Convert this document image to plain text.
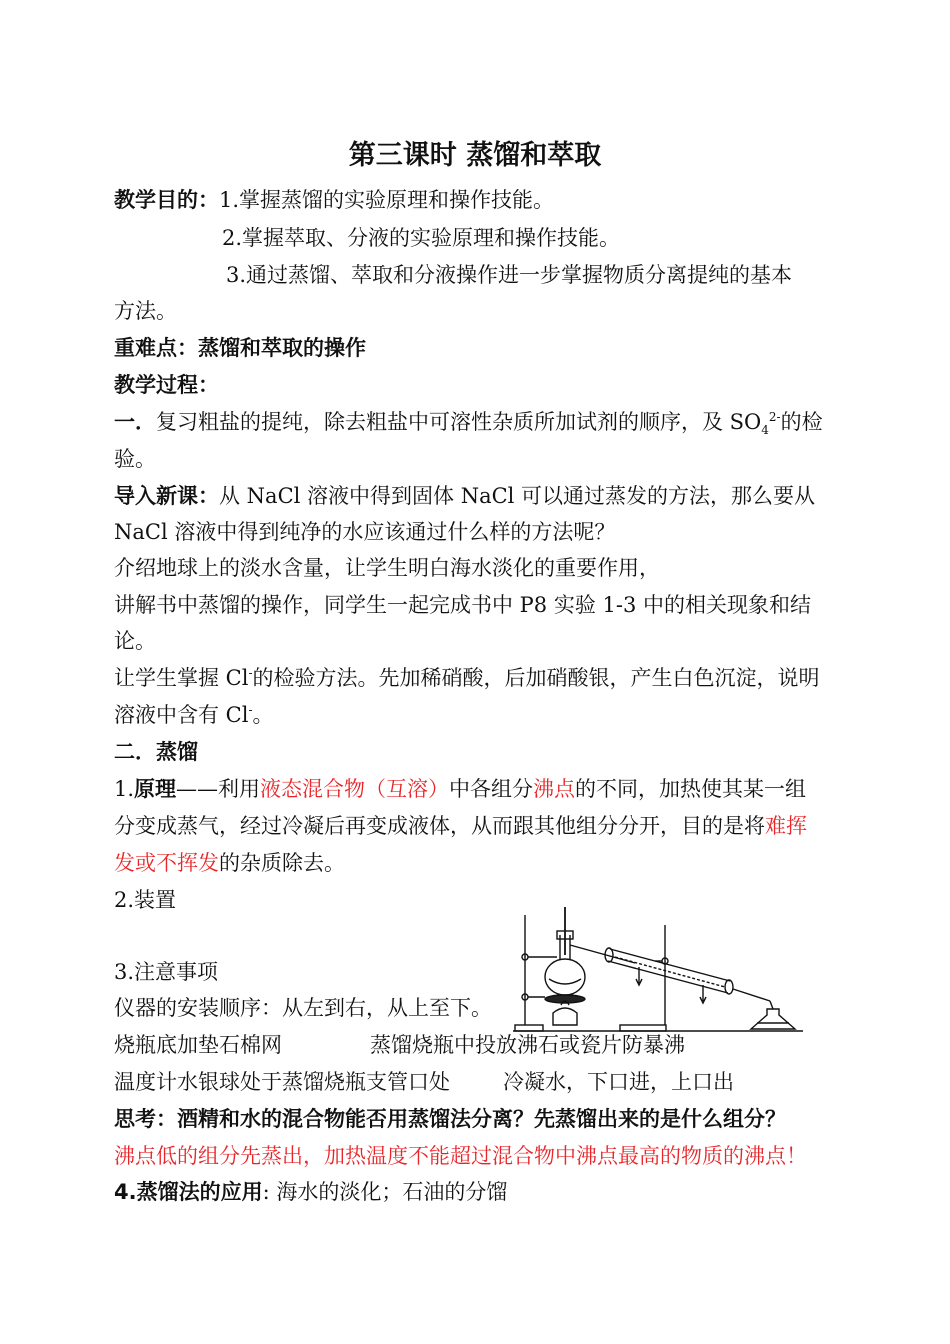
第三课时 蒸馏和萃取
教学目的：1.掌握蒸馏的实验原理和操作技能。
2.掌握萃取、分液的实验原理和操作技能。
3.通过蒸馏、萃取和分液操作进一步掌握物质分离提纯的基本
方法。
重难点：蒸馏和萃取的操作
教学过程：
一．复习粗盐的提纯，除去粗盐中可溶性杂质所加试剂的顺序，及 $SO_4^{2-}$的检
验。
导入新课：从 NaCl 溶液中得到固体 NaCl 可以通过蒸发的方法，那么要从
NaCl 溶液中得到纯净的水应该通过什么样的方法呢？
介绍地球上的淡水含量，让学生明白海水淡化的重要作用，
讲解书中蒸馏的操作，同学生一起完成书中 P8 实验 1-3 中的相关现象和结
论。
让学生掌握 Cl-的检验方法。先加稀硝酸，后加硝酸银，产生白色沉淀，说明
溶液中含有 Cl-。
二．蒸馏
1.原理——利用液态混合物（互溶）中各组分沸点的不同，加热使其某一组
分变成蒸气，经过冷凝后再变成液体，从而跟其他组分分开，目的是将难挥
发或不挥发的杂质除去。
2.装置
3.注意事项
仪器的安装顺序：从左到右，从上至下。
烧瓶底加垫石棉网	蒸馏烧瓶中投放沸石或瓷片防暴沸
温度计水银球处于蒸馏烧瓶支管口处	冷凝水，下口进，上口出
思考：酒精和水的混合物能否用蒸馏法分离？先蒸馏出来的是什么组分？
沸点低的组分先蒸出，加热温度不能超过混合物中沸点最高的物质的沸点！
4.蒸馏法的应用: 海水的淡化；石油的分馏
